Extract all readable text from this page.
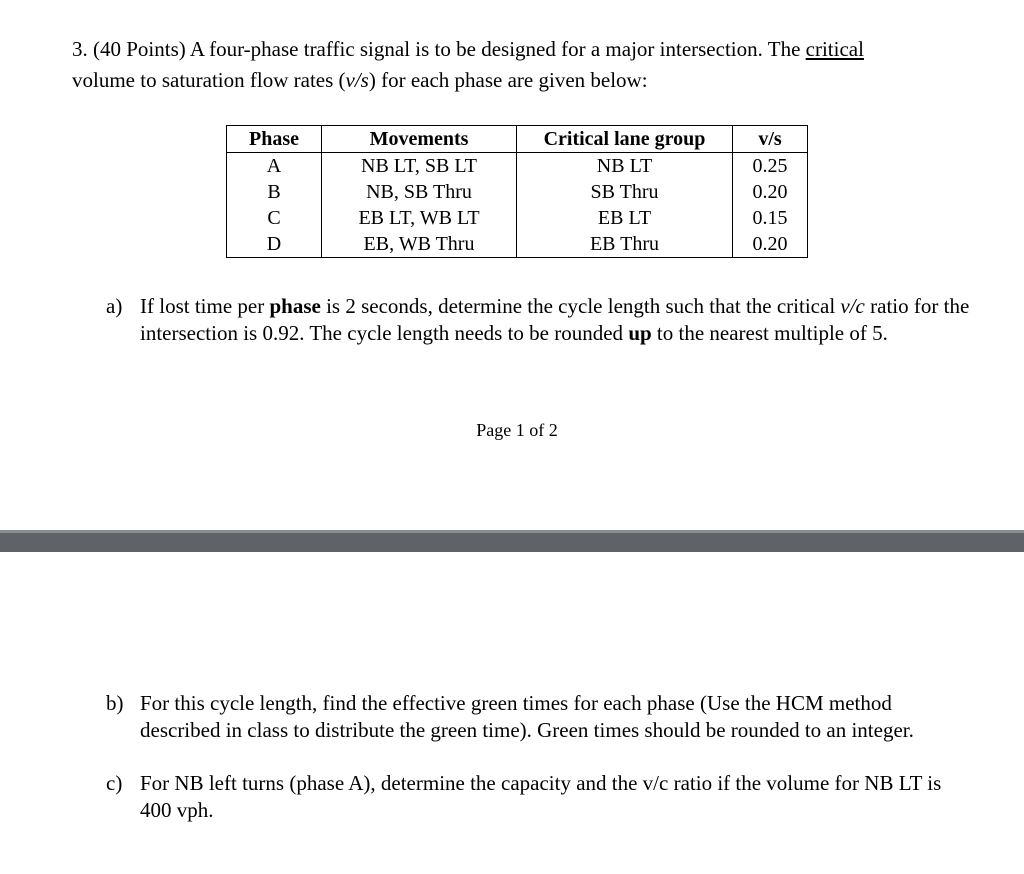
3. (40 Points) A four-phase traffic signal is to be designed for a major intersection. The critical
volume to saturation flow rates (v/s) for each phase are given below:
Phase	Movements	Critical lane group	v/s
A	NB LT, SB LT	NB LT	0.25
B	NB, SB Thru	SB Thru	0.20
C	EB LT, WB LT	EB LT	0.15
D	EB, WB Thru	EB Thru	0.20
a) If lost time per phase is 2 seconds, determine the cycle length such that the critical v/c ratio for the intersection is 0.92. The cycle length needs to be rounded up to the nearest multiple of 5.
Page 1 of 2
b) For this cycle length, find the effective green times for each phase (Use the HCM method described in class to distribute the green time). Green times should be rounded to an integer.
c) For NB left turns (phase A), determine the capacity and the v/c ratio if the volume for NB LT is 400 vph.
